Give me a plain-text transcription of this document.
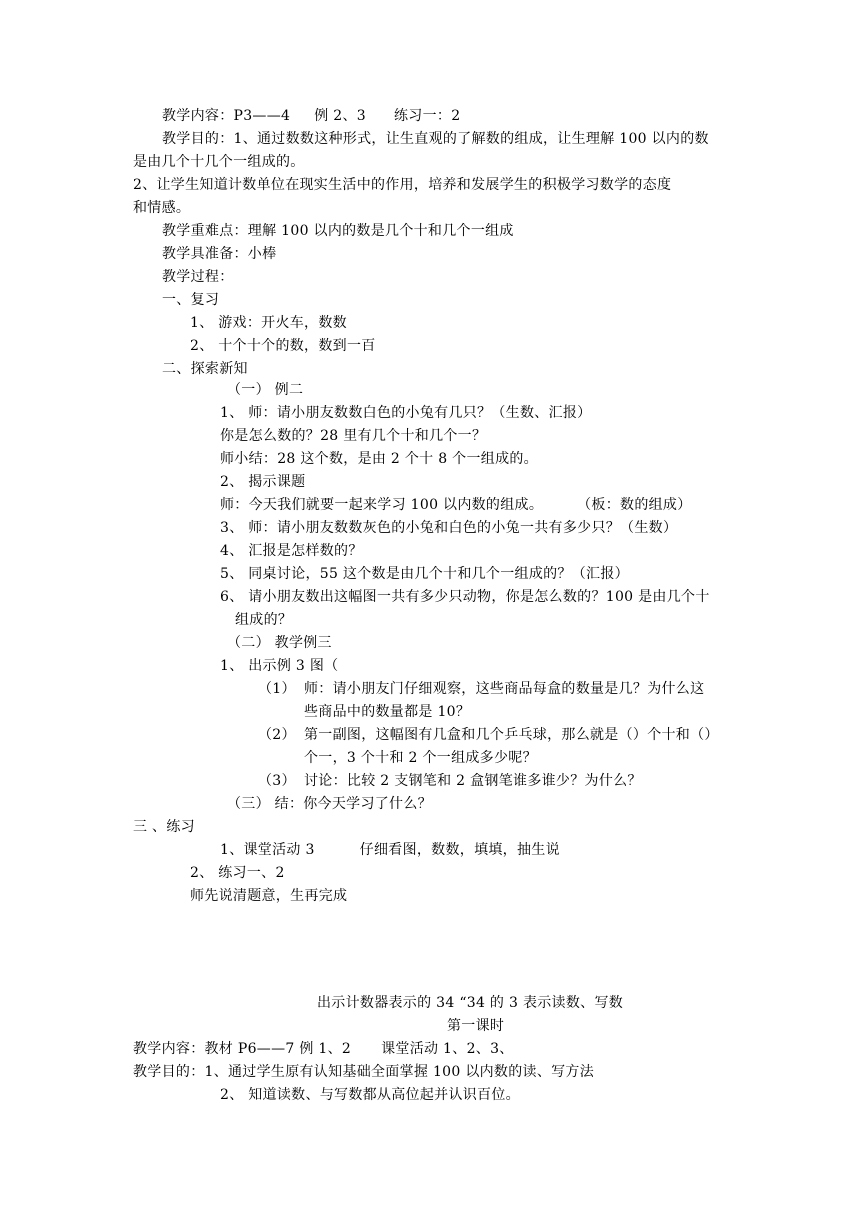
教学内容：P3——4 例 2、3 练习一：2
教学目的：1、通过数数这种形式，让生直观的了解数的组成，让生理解 100 以内的数
是由几个十几个一组成的。
2、让学生知道计数单位在现实生活中的作用，培养和发展学生的积极学习数学的态度
和情感。
教学重难点：理解 100 以内的数是几个十和几个一组成
教学具准备：小棒
教学过程：
一、复习
1、 游戏：开火车，数数
2、 十个十个的数，数到一百
二、探索新知
（一） 例二
1、 师：请小朋友数数白色的小兔有几只？（生数、汇报）
你是怎么数的？28 里有几个十和几个一？
师小结：28 这个数，是由 2 个十 8 个一组成的。
2、 揭示课题
师：今天我们就要一起来学习 100 以内数的组成。 （板：数的组成）
3、 师：请小朋友数数灰色的小兔和白色的小兔一共有多少只？（生数）
4、 汇报是怎样数的？
5、 同桌讨论，55 这个数是由几个十和几个一组成的？（汇报）
6、 请小朋友数出这幅图一共有多少只动物，你是怎么数的？100 是由几个十
组成的？
（二） 教学例三
1、 出示例 3 图（
（1） 师：请小朋友门仔细观察，这些商品每盒的数量是几？为什么这
些商品中的数量都是 10？
（2） 第一副图，这幅图有几盒和几个乒乓球，那么就是（）个十和（）
个一，3 个十和 2 个一组成多少呢？
（3） 讨论：比较 2 支钢笔和 2 盒钢笔谁多谁少？为什么？
（三） 结：你今天学习了什么？
三 、练习
1、课堂活动 3	仔细看图，数数，填填，抽生说
2、 练习一、2
师先说清题意，生再完成
出示计数器表示的 34 “34 的 3 表示读数、写数
第一课时
教学内容：教材 P6——7 例 1、2 课堂活动 1、2、3、
教学目的：1、通过学生原有认知基础全面掌握 100 以内数的读、写方法
2、 知道读数、与写数都从高位起并认识百位。
